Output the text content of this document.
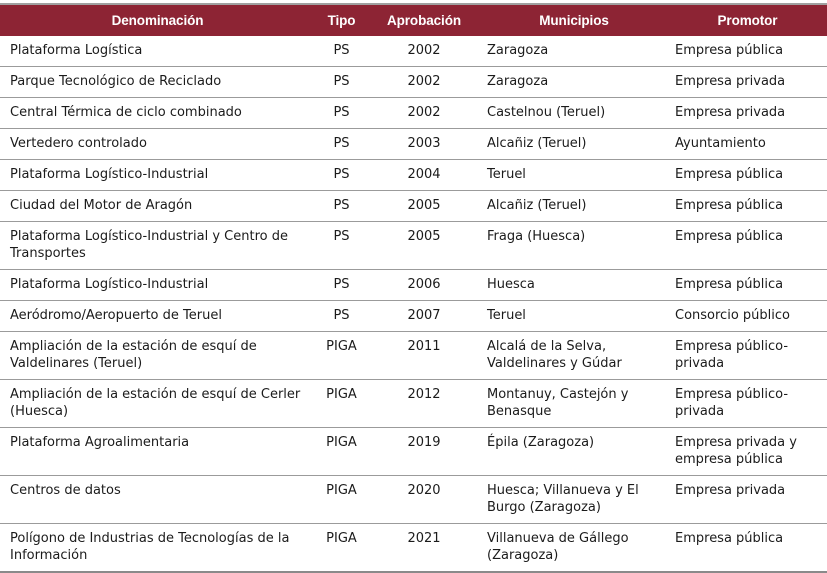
Denominación	Tipo	Aprobación	Municipios	Promotor
Plataforma Logística	PS	2002	Zaragoza	Empresa pública
Parque Tecnológico de Reciclado	PS	2002	Zaragoza	Empresa privada
Central Térmica de ciclo combinado	PS	2002	Castelnou (Teruel)	Empresa privada
Vertedero controlado	PS	2003	Alcañiz (Teruel)	Ayuntamiento
Plataforma Logístico-Industrial	PS	2004	Teruel	Empresa pública
Ciudad del Motor de Aragón	PS	2005	Alcañiz (Teruel)	Empresa pública
Plataforma Logístico-Industrial y Centro de Transportes	PS	2005	Fraga (Huesca)	Empresa pública
Plataforma Logístico-Industrial	PS	2006	Huesca	Empresa pública
Aeródromo/Aeropuerto de Teruel	PS	2007	Teruel	Consorcio público
Ampliación de la estación de esquí de Valdelinares (Teruel)	PIGA	2011	Alcalá de la Selva, Valdelinares y Gúdar	Empresa público-privada
Ampliación de la estación de esquí de Cerler (Huesca)	PIGA	2012	Montanuy, Castejón y Benasque	Empresa público-privada
Plataforma Agroalimentaria	PIGA	2019	Épila (Zaragoza)	Empresa privada y empresa pública
Centros de datos	PIGA	2020	Huesca; Villanueva y El Burgo (Zaragoza)	Empresa privada
Polígono de Industrias de Tecnologías de la Información	PIGA	2021	Villanueva de Gállego (Zaragoza)	Empresa pública
